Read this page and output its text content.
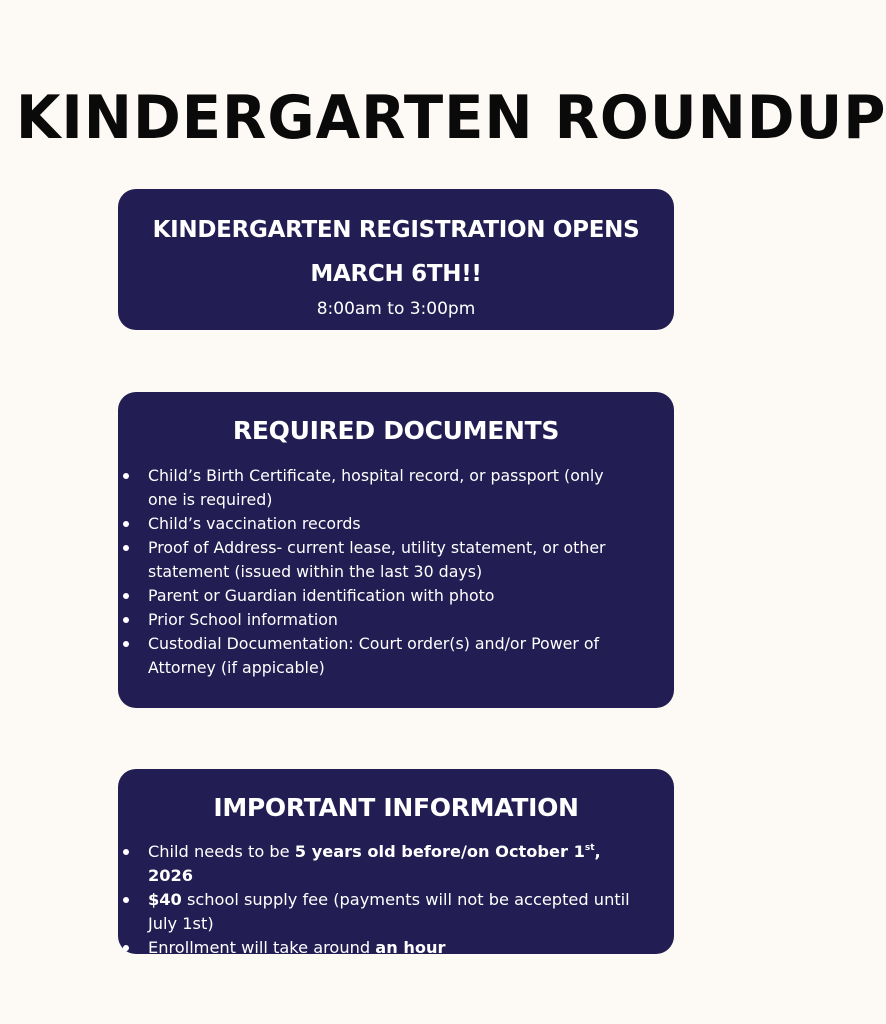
KINDERGARTEN ROUNDUP
KINDERGARTEN REGISTRATION OPENS
MARCH 6TH!!
8:00am to 3:00pm
REQUIRED DOCUMENTS
Child’s Birth Certificate, hospital record, or passport (only one is required)
Child’s vaccination records
Proof of Address- current lease, utility statement, or other statement (issued within the last 30 days)
Parent or Guardian identification with photo
Prior School information
Custodial Documentation: Court order(s) and/or Power of Attorney (if appicable)
IMPORTANT INFORMATION
Child needs to be 5 years old before/on October 1st, 2026
$40 school supply fee (payments will not be accepted until July 1st)
Enrollment will take around an hour
